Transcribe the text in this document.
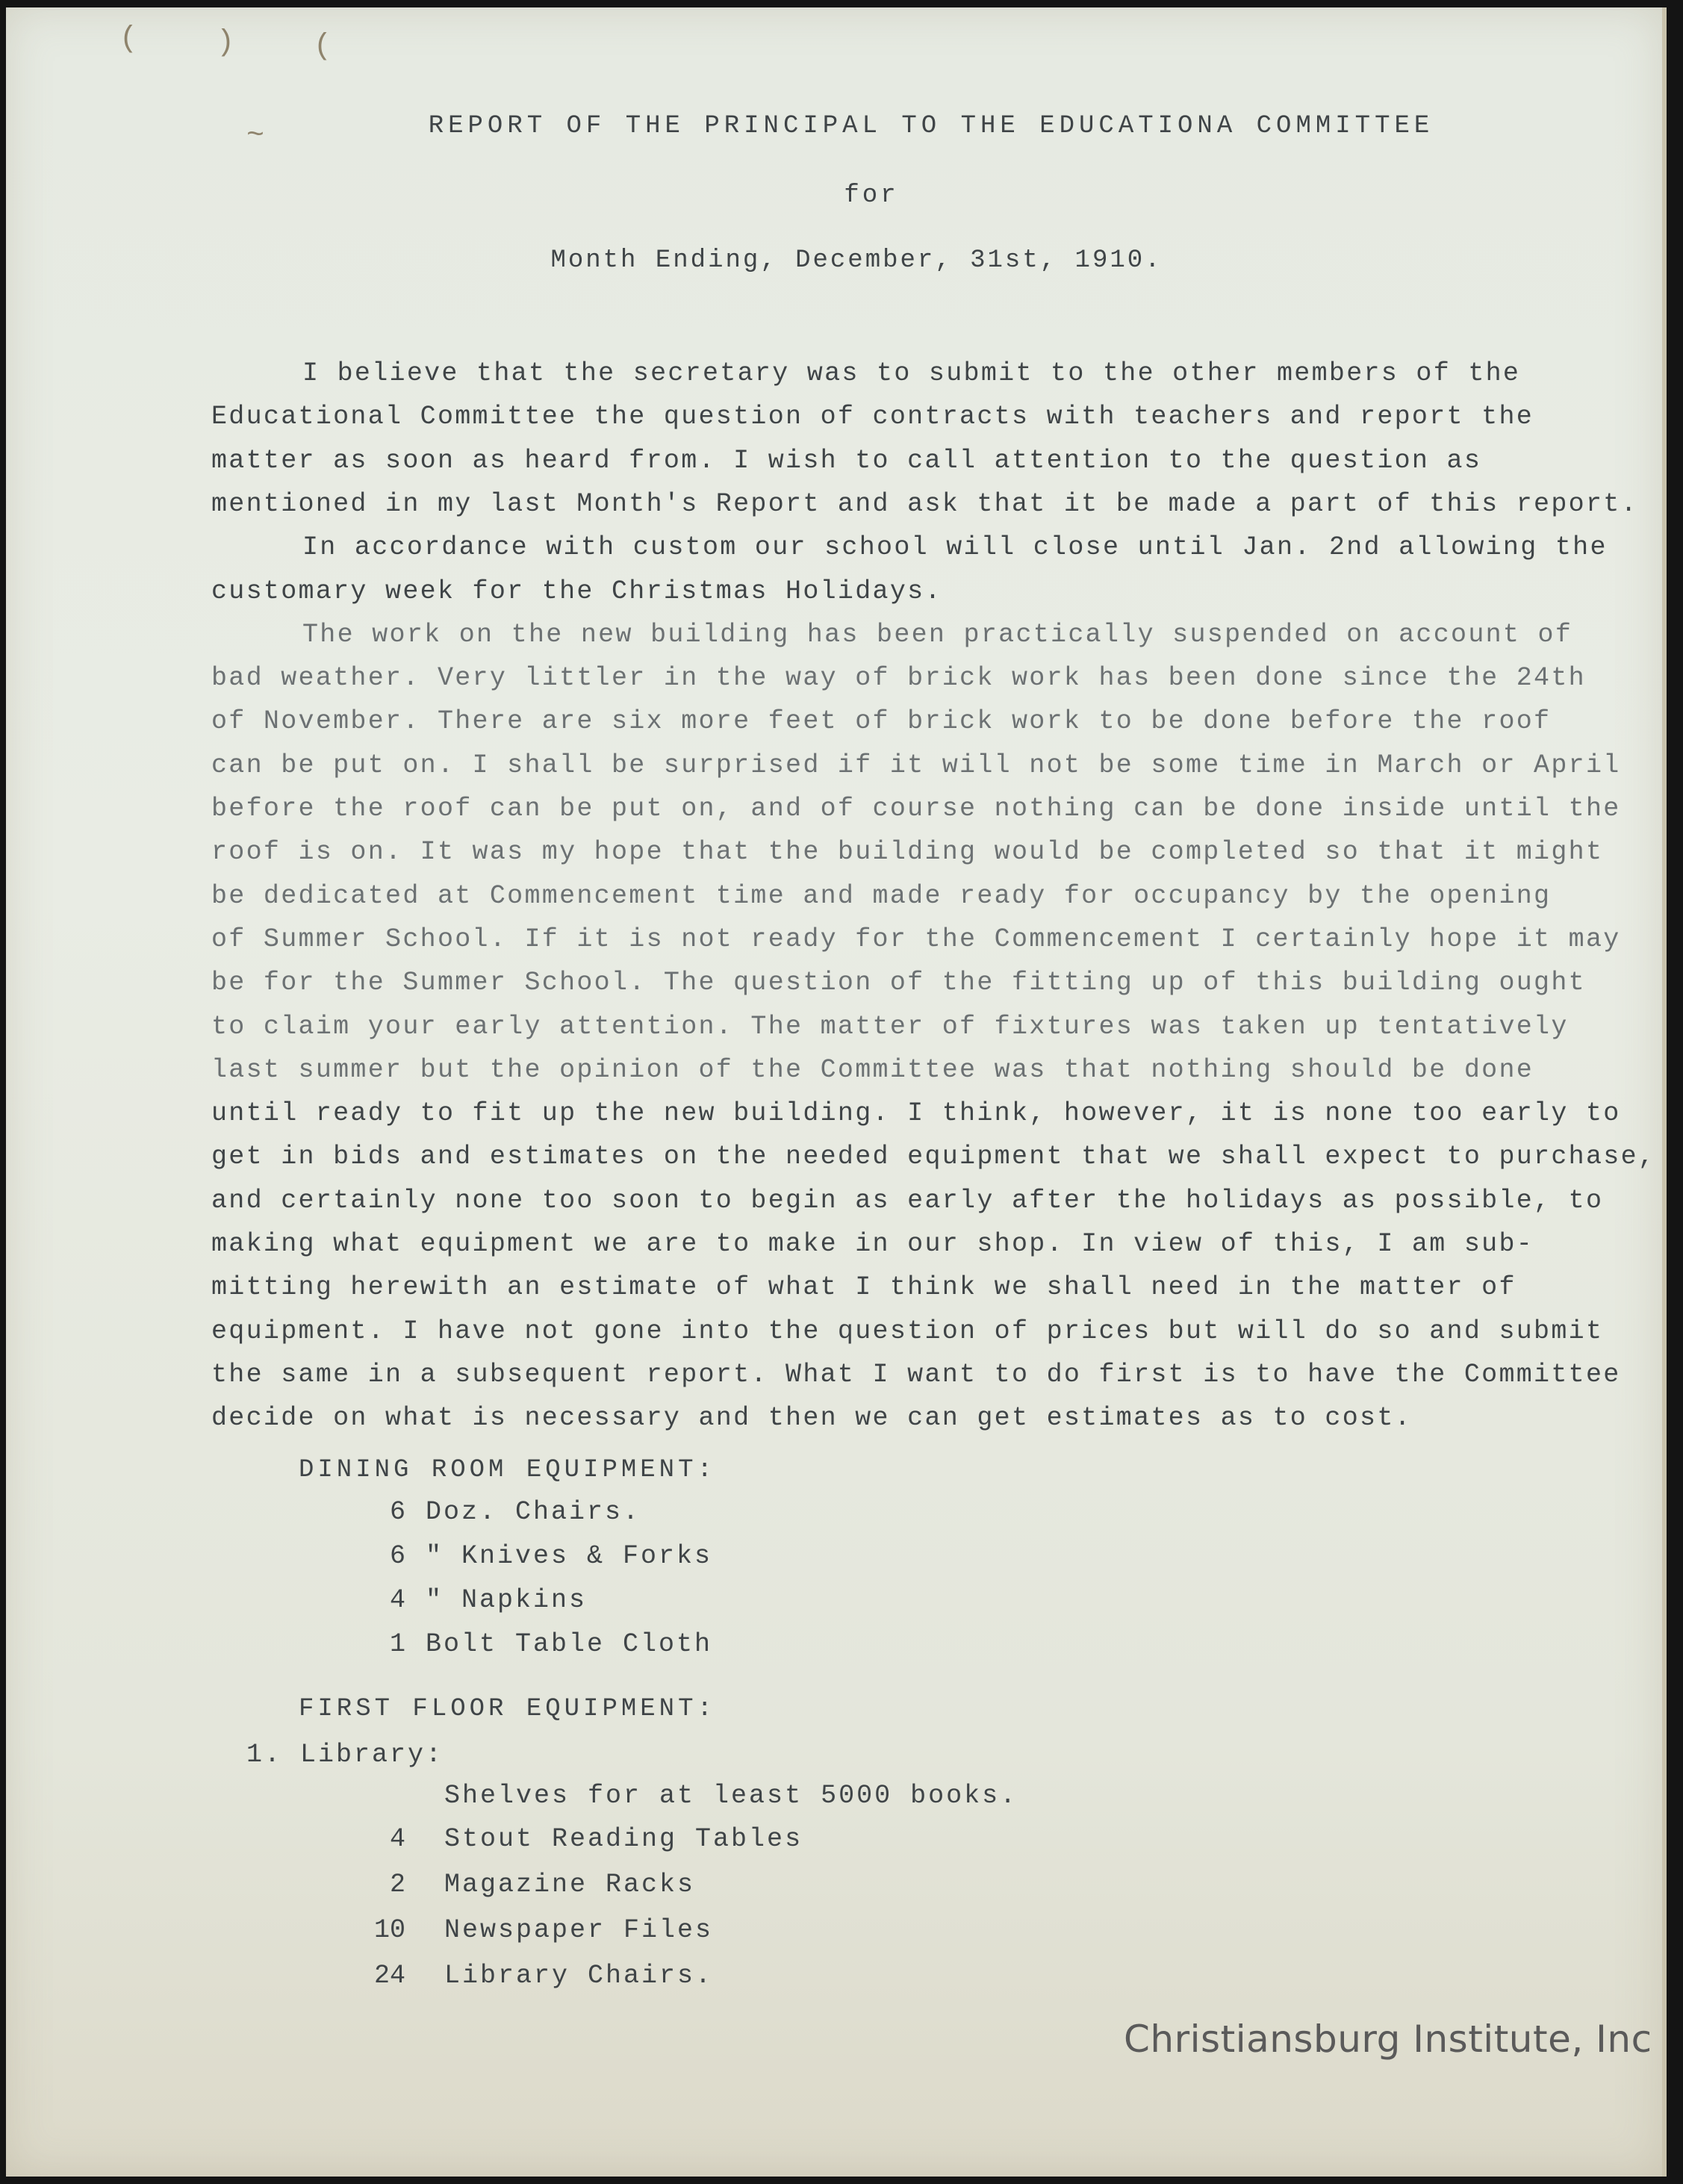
(	)	(
~	REPORT OF THE PRINCIPAL TO THE EDUCATIONA COMMITTEE
for
Month Ending, December, 31st, 1910.
I believe that the secretary was to submit to the other members of the
Educational Committee the question of contracts with teachers and report the
matter as soon as heard from. I wish to call attention to the question as
mentioned in my last Month's Report and ask that it be made a part of this report.
In accordance with custom our school will close until Jan. 2nd allowing the
customary week for the Christmas Holidays.
The work on the new building has been practically suspended on account of
bad weather. Very littler in the way of brick work has been done since the 24th
of November. There are six more feet of brick work to be done before the roof
can be put on. I shall be surprised if it will not be some time in March or April
before the roof can be put on, and of course nothing can be done inside until the
roof is on. It was my hope that the building would be completed so that it might
be dedicated at Commencement time and made ready for occupancy by the opening
of Summer School. If it is not ready for the Commencement I certainly hope it may
be for the Summer School. The question of the fitting up of this building ought
to claim your early attention. The matter of fixtures was taken up tentatively
last summer but the opinion of the Committee was that nothing should be done
until ready to fit up the new building. I think, however, it is none too early to
get in bids and estimates on the needed equipment that we shall expect to purchase,
and certainly none too soon to begin as early after the holidays as possible, to
making what equipment we are to make in our shop. In view of this, I am sub-
mitting herewith an estimate of what I think we shall need in the matter of
equipment. I have not gone into the question of prices but will do so and submit
the same in a subsequent report. What I want to do first is to have the Committee
decide on what is necessary and then we can get estimates as to cost.
DINING ROOM EQUIPMENT:
6 Doz. Chairs.
6 " Knives & Forks
4 " Napkins
1 Bolt Table Cloth
FIRST FLOOR EQUIPMENT:
1. Library:
Shelves for at least 5000 books.
4 Stout Reading Tables
2 Magazine Racks
10 Newspaper Files
24 Library Chairs.
Christiansburg Institute, Inc
